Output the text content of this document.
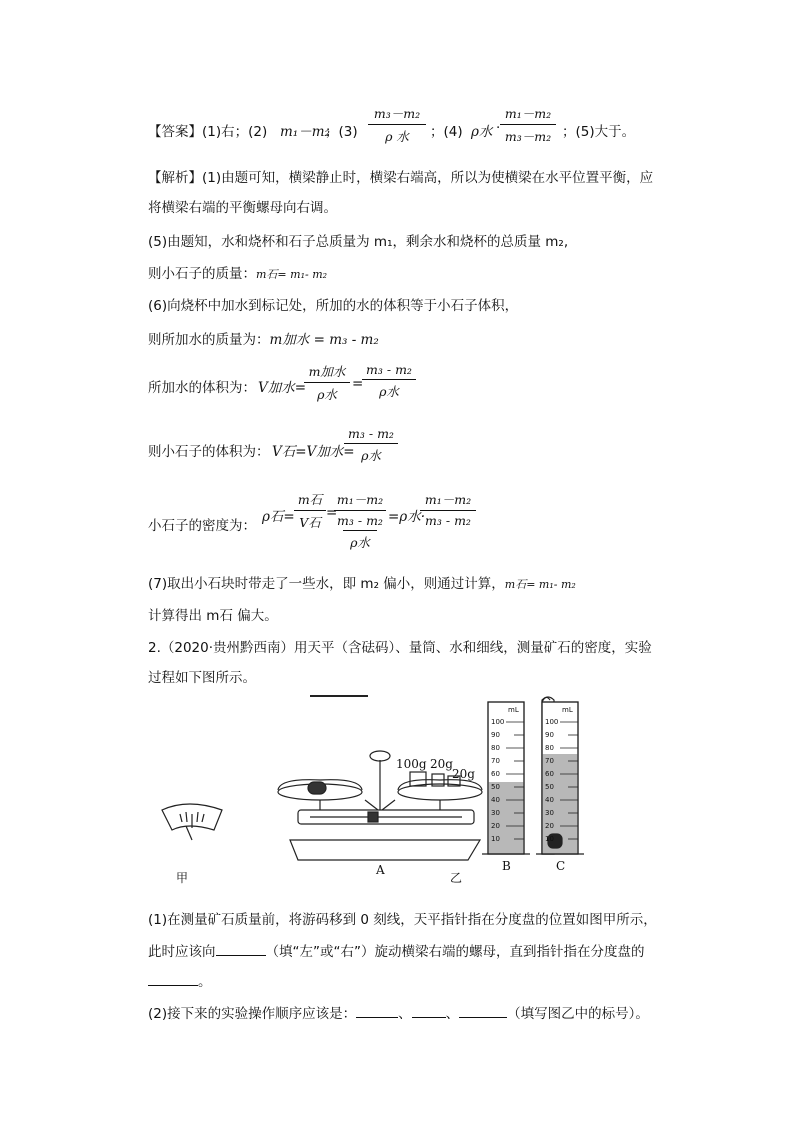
【答案】(1)右；(2) m₁－m₂
；(3)
m₃－m₂
ρ 水	；(4) ρ水 ·
m₁－m₂
m₃－m₂ ；(5)大于。
【解析】(1)由题可知，横梁静止时，横梁右端高，所以为使横梁在水平位置平衡，应
将横梁右端的平衡螺母向右调。
(5)由题知，水和烧杯和石子总质量为 m₁，剩余水和烧杯的总质量 m₂,
则小石子的质量：m石= m₁- m₂
(6)向烧杯中加水到标记处，所加的水的体积等于小石子体积，
则所加水的质量为：m加水 = m₃ - m₂
所加水的体积为： V加水=
m加水
ρ水
=
m₃ - m₂
ρ水
则小石子的体积为： V石=V加水=
m₃ - m₂
ρ水
小石子的密度为：
ρ石=
m石
V石
=
m₁－m₂
m₃ - m₂
ρ水
=ρ水·
m₁－m₂
m₃ - m₂
(7)取出小石块时带走了一些水，即 m₂ 偏小，则通过计算，m石= m₁- m₂
计算得出 m石 偏大。
2.（2020·贵州黔西南）用天平（含砝码）、量筒、水和细线，测量矿石的密度，实验
过程如下图所示。
100g 20g
20g
甲
A
乙
B	C
mL	mL
100
90
80
70
60
50
40
30
20
10
100
90
80
70
60
50
40
30
20
10
(1)在测量矿石质量前，将游码移到 0 刻线，天平指针指在分度盘的位置如图甲所示，
此时应该向	（填“左”或“右”）旋动横梁右端的螺母，直到指针指在分度盘的
。
(2)接下来的实验操作顺序应该是：	、	、	（填写图乙中的标号）。
